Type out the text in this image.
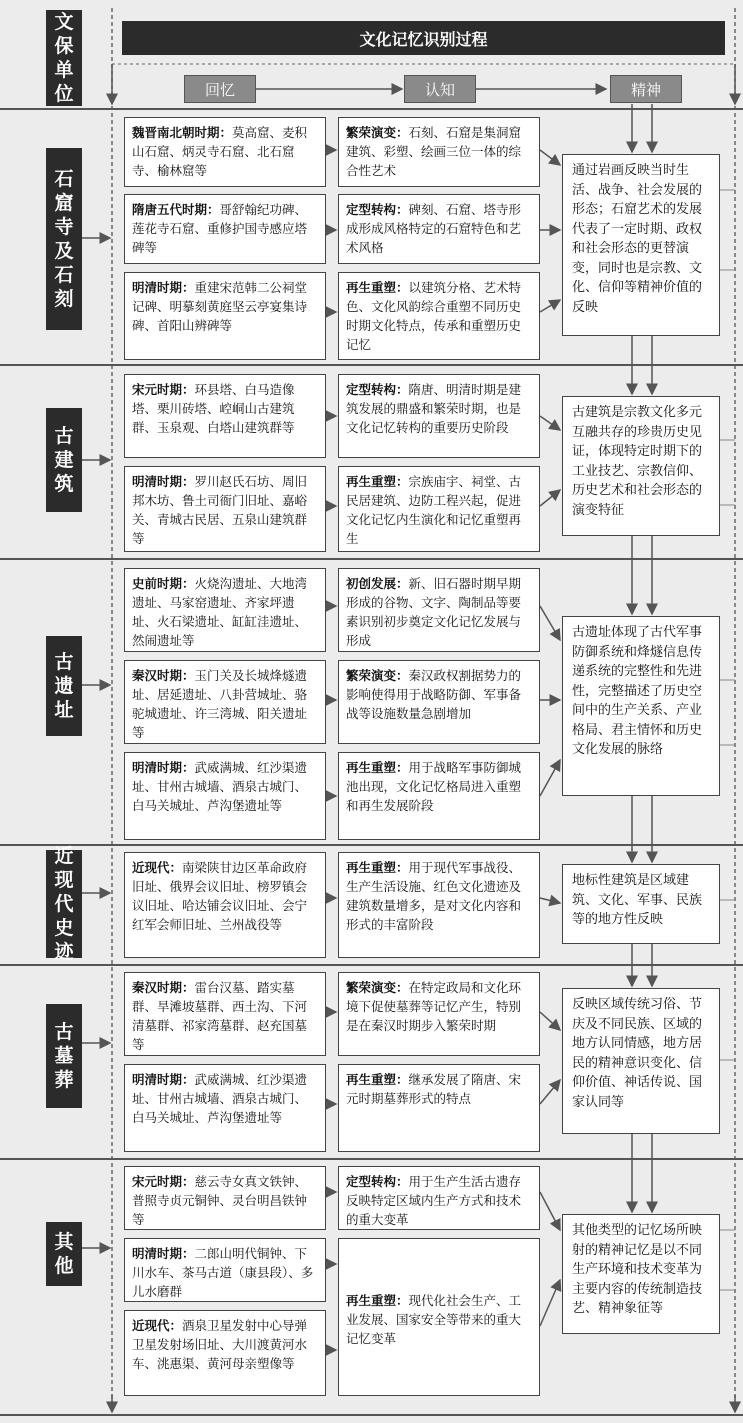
文保单位
文化记忆识别过程
回忆	认知	精神
石窟寺及石刻
魏晋南北朝时期：莫高窟、麦积山石窟、炳灵寺石窟、北石窟寺、榆林窟等
隋唐五代时期：哥舒翰纪功碑、莲花寺石窟、重修护国寺感应塔碑等
明清时期：重建宋范韩二公祠堂记碑、明摹刻黄庭坚云亭宴集诗碑、首阳山辨碑等
繁荣演变：石刻、石窟是集洞窟建筑、彩塑、绘画三位一体的综合性艺术
定型转构：碑刻、石窟、塔寺形成形成风格特定的石窟特色和艺术风格
再生重塑：以建筑分格、艺术特色、文化风韵综合重塑不同历史时期文化特点，传承和重塑历史记忆
通过岩画反映当时生活、战争、社会发展的形态；石窟艺术的发展代表了一定时期、政权和社会形态的更替演变，同时也是宗教、文化、信仰等精神价值的反映
古建筑
宋元时期：环县塔、白马造像塔、栗川砖塔、崆峒山古建筑群、玉泉观、白塔山建筑群等
明清时期：罗川赵氏石坊、周旧邦木坊、鲁土司衙门旧址、嘉峪关、青城古民居、五泉山建筑群等
定型转构：隋唐、明清时期是建筑发展的鼎盛和繁荣时期，也是文化记忆转构的重要历史阶段
再生重塑：宗族庙宇、祠堂、古民居建筑、边防工程兴起，促进文化记忆内生演化和记忆重塑再生
古建筑是宗教文化多元互融共存的珍贵历史见证，体现特定时期下的工业技艺、宗教信仰、历史艺术和社会形态的演变特征
古遗址
史前时期：火烧沟遗址、大地湾遗址、马家窑遗址、齐家坪遗址、火石梁遗址、缸缸洼遗址、然闹遗址等
秦汉时期：玉门关及长城烽燧遗址、居延遗址、八卦营城址、骆驼城遗址、许三湾城、阳关遗址等
明清时期：武威满城、红沙渠遗址、甘州古城墙、酒泉古城门、白马关城址、芦沟堡遗址等
初创发展：新、旧石器时期早期形成的谷物、文字、陶制品等要素识别初步奠定文化记忆发展与形成
繁荣演变：秦汉政权割据势力的影响使得用于战略防御、军事备战等设施数量急剧增加
再生重塑：用于战略军事防御城池出现，文化记忆格局进入重塑和再生发展阶段
古遗址体现了古代军事防御系统和烽燧信息传递系统的完整性和先进性，完整描述了历史空间中的生产关系、产业格局、君主情怀和历史文化发展的脉络
近现代史迹
近现代：南梁陕甘边区革命政府旧址、俄界会议旧址、榜罗镇会议旧址、哈达铺会议旧址、会宁红军会师旧址、兰州战役等
再生重塑：用于现代军事战役、生产生活设施、红色文化遗迹及建筑数量增多，是对文化内容和形式的丰富阶段
地标性建筑是区域建筑、文化、军事、民族等的地方性反映
古墓葬
秦汉时期：雷台汉墓、踏实墓群、旱滩坡墓群、西土沟、下河清墓群、祁家湾墓群、赵充国墓等
明清时期：武威满城、红沙渠遗址、甘州古城墙、酒泉古城门、白马关城址、芦沟堡遗址等
繁荣演变：在特定政局和文化环境下促使墓葬等记忆产生，特别是在秦汉时期步入繁荣时期
再生重塑：继承发展了隋唐、宋元时期墓葬形式的特点
反映区域传统习俗、节庆及不同民族、区域的地方认同情感，地方居民的精神意识变化、信仰价值、神话传说、国家认同等
其他
宋元时期：慈云寺女真文铁钟、普照寺贞元铜钟、灵台明昌铁钟等
明清时期：二郎山明代铜钟、下川水车、茶马古道（康县段）、多儿水磨群
近现代：酒泉卫星发射中心导弹卫星发射场旧址、大川渡黄河水车、洮惠渠、黄河母亲塑像等
定型转构：用于生产生活古遗存反映特定区域内生产方式和技术的重大变革
再生重塑：现代化社会生产、工业发展、国家安全等带来的重大记忆变革
其他类型的记忆场所映射的精神记忆是以不同生产环境和技术变革为主要内容的传统制造技艺、精神象征等
